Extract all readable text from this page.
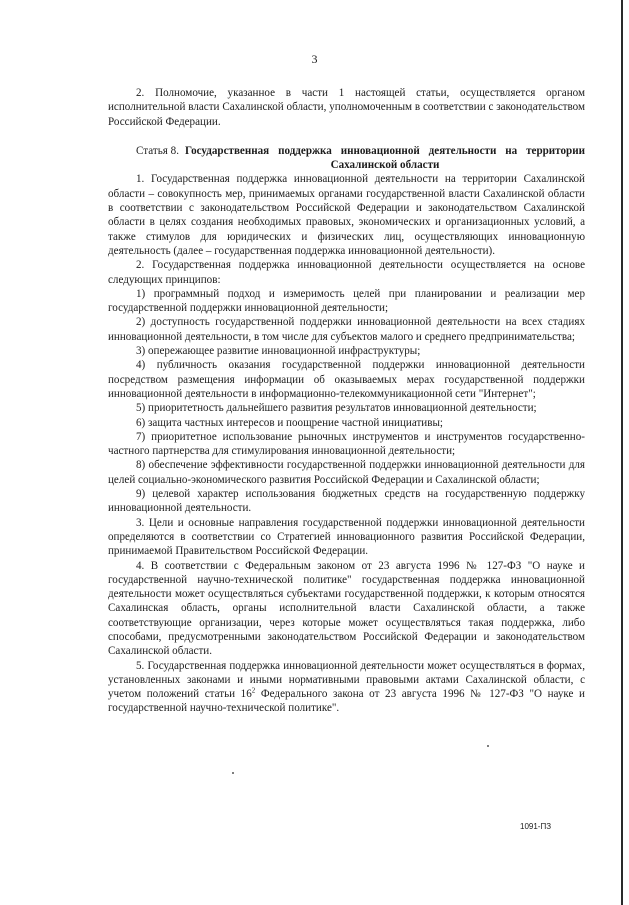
3

2. Полномочие, указанное в части 1 настоящей статьи, осуществляется органом исполнительной власти Сахалинской области, уполномоченным в соответствии с законодательством Российской Федерации.

Статья 8. Государственная поддержка инновационной деятельности на территории Сахалинской области

1. Государственная поддержка инновационной деятельности на территории Сахалинской области – совокупность мер, принимаемых органами государственной власти Сахалинской области в соответствии с законодательством Российской Федерации и законодательством Сахалинской области в целях создания необходимых правовых, экономических и организационных условий, а также стимулов для юридических и физических лиц, осуществляющих инновационную деятельность (далее – государственная поддержка инновационной деятельности).

2. Государственная поддержка инновационной деятельности осуществляется на основе следующих принципов:

1) программный подход и измеримость целей при планировании и реализации мер государственной поддержки инновационной деятельности;

2) доступность государственной поддержки инновационной деятельности на всех стадиях инновационной деятельности, в том числе для субъектов малого и среднего предпринимательства;

3) опережающее развитие инновационной инфраструктуры;

4) публичность оказания государственной поддержки инновационной деятельности посредством размещения информации об оказываемых мерах государственной поддержки инновационной деятельности в информационно-телекоммуникационной сети "Интернет";

5) приоритетность дальнейшего развития результатов инновационной деятельности;

6) защита частных интересов и поощрение частной инициативы;

7) приоритетное использование рыночных инструментов и инструментов государственно-частного партнерства для стимулирования инновационной деятельности;

8) обеспечение эффективности государственной поддержки инновационной деятельности для целей социально-экономического развития Российской Федерации и Сахалинской области;

9) целевой характер использования бюджетных средств на государственную поддержку инновационной деятельности.

3. Цели и основные направления государственной поддержки инновационной деятельности определяются в соответствии со Стратегией инновационного развития Российской Федерации, принимаемой Правительством Российской Федерации.

4. В соответствии с Федеральным законом от 23 августа 1996 № 127-ФЗ "О науке и государственной научно-технической политике" государственная поддержка инновационной деятельности может осуществляться субъектами государственной поддержки, к которым относятся Сахалинская область, органы исполнительной власти Сахалинской области, а также соответствующие организации, через которые может осуществляться такая поддержка, либо способами, предусмотренными законодательством Российской Федерации и законодательством Сахалинской области.

5. Государственная поддержка инновационной деятельности может осуществляться в формах, установленных законами и иными нормативными правовыми актами Сахалинской области, с учетом положений статьи $16^2$ Федерального закона от 23 августа 1996 № 127-ФЗ "О науке и государственной научно-технической политике".

1091-ПЗ
